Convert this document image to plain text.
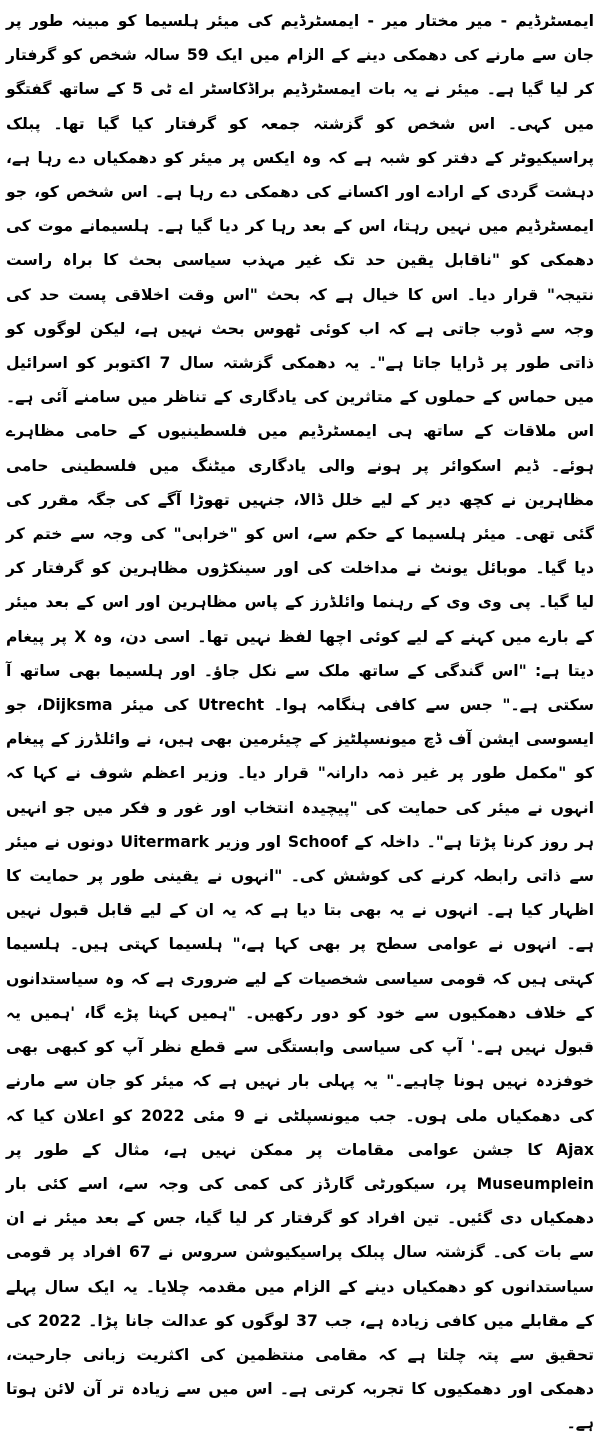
ایمسٹرڈیم - میر مختار میر - ایمسٹرڈیم کی میئر ہلسیما کو مبینہ طور پر جان سے مارنے کی دھمکی دینے کے الزام میں ایک 59 سالہ شخص کو گرفتار کر لیا گیا ہے۔ میئر نے یہ بات ایمسٹرڈیم براڈکاسٹر اے ٹی 5 کے ساتھ گفتگو میں کہی۔ اس شخص کو گزشتہ جمعہ کو گرفتار کیا گیا تھا۔ پبلک پراسیکیوٹر کے دفتر کو شبہ ہے کہ وہ ایکس پر میئر کو دھمکیاں دے رہا ہے، دہشت گردی کے ارادے اور اکسانے کی دھمکی دے رہا ہے۔ اس شخص کو، جو ایمسٹرڈیم میں نہیں رہتا، اس کے بعد رہا کر دیا گیا ہے۔ ہلسیمانے موت کی دھمکی کو "ناقابل یقین حد تک غیر مہذب سیاسی بحث کا براہ راست نتیجہ" قرار دیا۔ اس کا خیال ہے کہ بحث "اس وقت اخلاقی پست حد کی وجہ سے ڈوب جاتی ہے کہ اب کوئی ٹھوس بحث نہیں ہے، لیکن لوگوں کو ذاتی طور پر ڈرایا جاتا ہے"۔ یہ دھمکی گزشتہ سال 7 اکتوبر کو اسرائیل میں حماس کے حملوں کے متاثرین کی یادگاری کے تناظر میں سامنے آئی ہے۔ اس ملاقات کے ساتھ ہی ایمسٹرڈیم میں فلسطینیوں کے حامی مظاہرے ہوئے۔ ڈیم اسکوائر پر ہونے والی یادگاری میٹنگ میں فلسطینی حامی مظاہرین نے کچھ دیر کے لیے خلل ڈالا، جنہیں تھوڑا آگے کی جگہ مقرر کی گئی تھی۔ میئر ہلسیما کے حکم سے، اس کو "خرابی" کی وجہ سے ختم کر دیا گیا۔ موبائل یونٹ نے مداخلت کی اور سینکڑوں مظاہرین کو گرفتار کر لیا گیا۔ پی وی وی کے رہنما وائلڈرز کے پاس مظاہرین اور اس کے بعد میئر کے بارے میں کہنے کے لیے کوئی اچھا لفظ نہیں تھا۔ اسی دن، وہ X پر پیغام دیتا ہے: "اس گندگی کے ساتھ ملک سے نکل جاؤ۔ اور ہلسیما بھی ساتھ آ سکتی ہے۔" جس سے کافی ہنگامہ ہوا۔ Utrecht کی میئر Dijksma، جو ایسوسی ایشن آف ڈچ میونسپلٹیز کے چیئرمین بھی ہیں، نے وائلڈرز کے پیغام کو "مکمل طور پر غیر ذمہ دارانہ" قرار دیا۔ وزیر اعظم شوف نے کہا کہ انہوں نے میئر کی حمایت کی "پیچیدہ انتخاب اور غور و فکر میں جو انہیں ہر روز کرنا پڑتا ہے"۔ داخلہ کے Schoof اور وزیر Uitermark دونوں نے میئر سے ذاتی رابطہ کرنے کی کوشش کی۔ "انہوں نے یقینی طور پر حمایت کا اظہار کیا ہے۔ انہوں نے یہ بھی بتا دیا ہے کہ یہ ان کے لیے قابل قبول نہیں ہے۔ انہوں نے عوامی سطح پر بھی کہا ہے،" ہلسیما کہتی ہیں۔ ہلسیما کہتی ہیں کہ قومی سیاسی شخصیات کے لیے ضروری ہے کہ وہ سیاستدانوں کے خلاف دھمکیوں سے خود کو دور رکھیں۔ "ہمیں کہنا پڑے گا، 'ہمیں یہ قبول نہیں ہے۔' آپ کی سیاسی وابستگی سے قطع نظر آپ کو کبھی بھی خوفزدہ نہیں ہونا چاہیے۔" یہ پہلی بار نہیں ہے کہ میئر کو جان سے مارنے کی دھمکیاں ملی ہوں۔ جب میونسپلٹی نے 9 مئی 2022 کو اعلان کیا کہ Ajax کا جشن عوامی مقامات پر ممکن نہیں ہے، مثال کے طور پر Museumplein پر، سیکورٹی گارڈز کی کمی کی وجہ سے، اسے کئی بار دھمکیاں دی گئیں۔ تین افراد کو گرفتار کر لیا گیا، جس کے بعد میئر نے ان سے بات کی۔ گزشتہ سال پبلک پراسیکیوشن سروس نے 67 افراد پر قومی سیاستدانوں کو دھمکیاں دینے کے الزام میں مقدمہ چلایا۔ یہ ایک سال پہلے کے مقابلے میں کافی زیادہ ہے، جب 37 لوگوں کو عدالت جانا پڑا۔ 2022 کی تحقیق سے پتہ چلتا ہے کہ مقامی منتظمین کی اکثریت زبانی جارحیت، دھمکی اور دھمکیوں کا تجربہ کرتی ہے۔ اس میں سے زیادہ تر آن لائن ہوتا ہے۔
